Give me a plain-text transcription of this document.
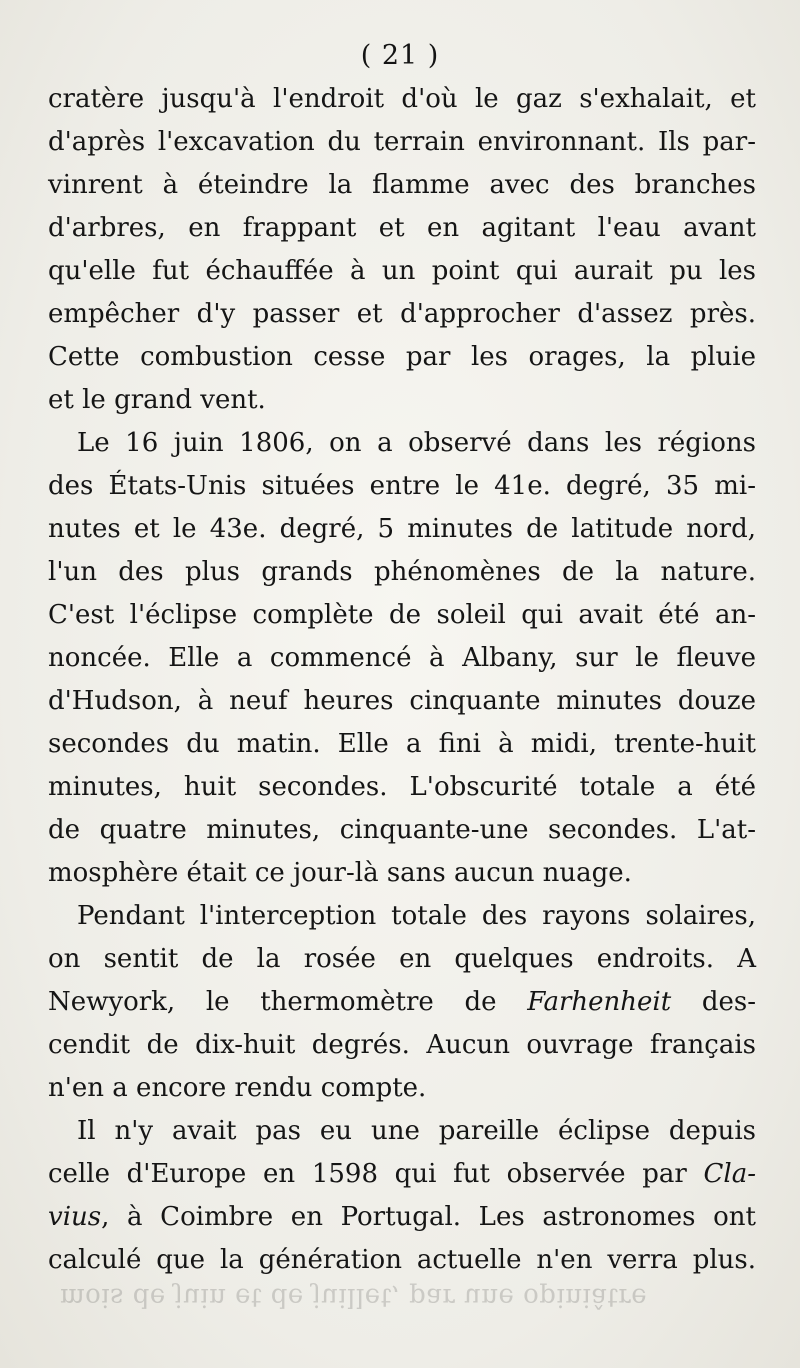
mois de juin et de juillet, par une opiniâtre
( 21 )
cratère jusqu'à l'endroit d'où le gaz s'exhalait, et
d'après l'excavation du terrain environnant. Ils par-
vinrent à éteindre la flamme avec des branches
d'arbres, en frappant et en agitant l'eau avant
qu'elle fut échauffée à un point qui aurait pu les
empêcher d'y passer et d'approcher d'assez près.
Cette combustion cesse par les orages, la pluie
et le grand vent.
Le 16 juin 1806, on a observé dans les régions
des États-Unis situées entre le 41e. degré, 35 mi-
nutes et le 43e. degré, 5 minutes de latitude nord,
l'un des plus grands phénomènes de la nature.
C'est l'éclipse complète de soleil qui avait été an-
noncée. Elle a commencé à Albany, sur le fleuve
d'Hudson, à neuf heures cinquante minutes douze
secondes du matin. Elle a fini à midi, trente-huit
minutes, huit secondes. L'obscurité totale a été
de quatre minutes, cinquante-une secondes. L'at-
mosphère était ce jour-là sans aucun nuage.
Pendant l'interception totale des rayons solaires,
on sentit de la rosée en quelques endroits. A
Newyork, le thermomètre de Farhenheit des-
cendit de dix-huit degrés. Aucun ouvrage français
n'en a encore rendu compte.
Il n'y avait pas eu une pareille éclipse depuis
celle d'Europe en 1598 qui fut observée par Cla-
vius, à Coimbre en Portugal. Les astronomes ont
calculé que la génération actuelle n'en verra plus.
